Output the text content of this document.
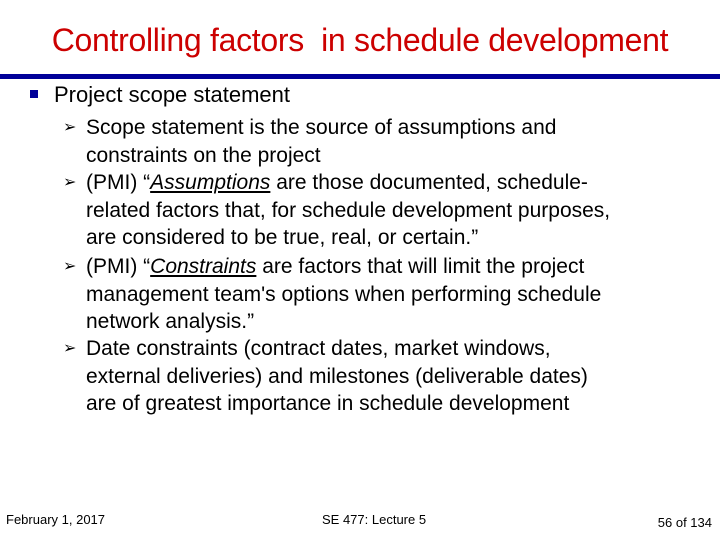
Controlling factors  in schedule development
Project scope statement
➢ Scope statement is the source of assumptions and
constraints on the project
➢ (PMI) “Assumptions are those documented, schedule-
related factors that, for schedule development purposes,
are considered to be true, real, or certain.”
➢ (PMI) “Constraints are factors that will limit the project
management team's options when performing schedule
network analysis.”
➢ Date constraints (contract dates, market windows,
external deliveries) and milestones (deliverable dates)
are of greatest importance in schedule development
February 1, 2017	SE 477: Lecture 5	56 of 134
